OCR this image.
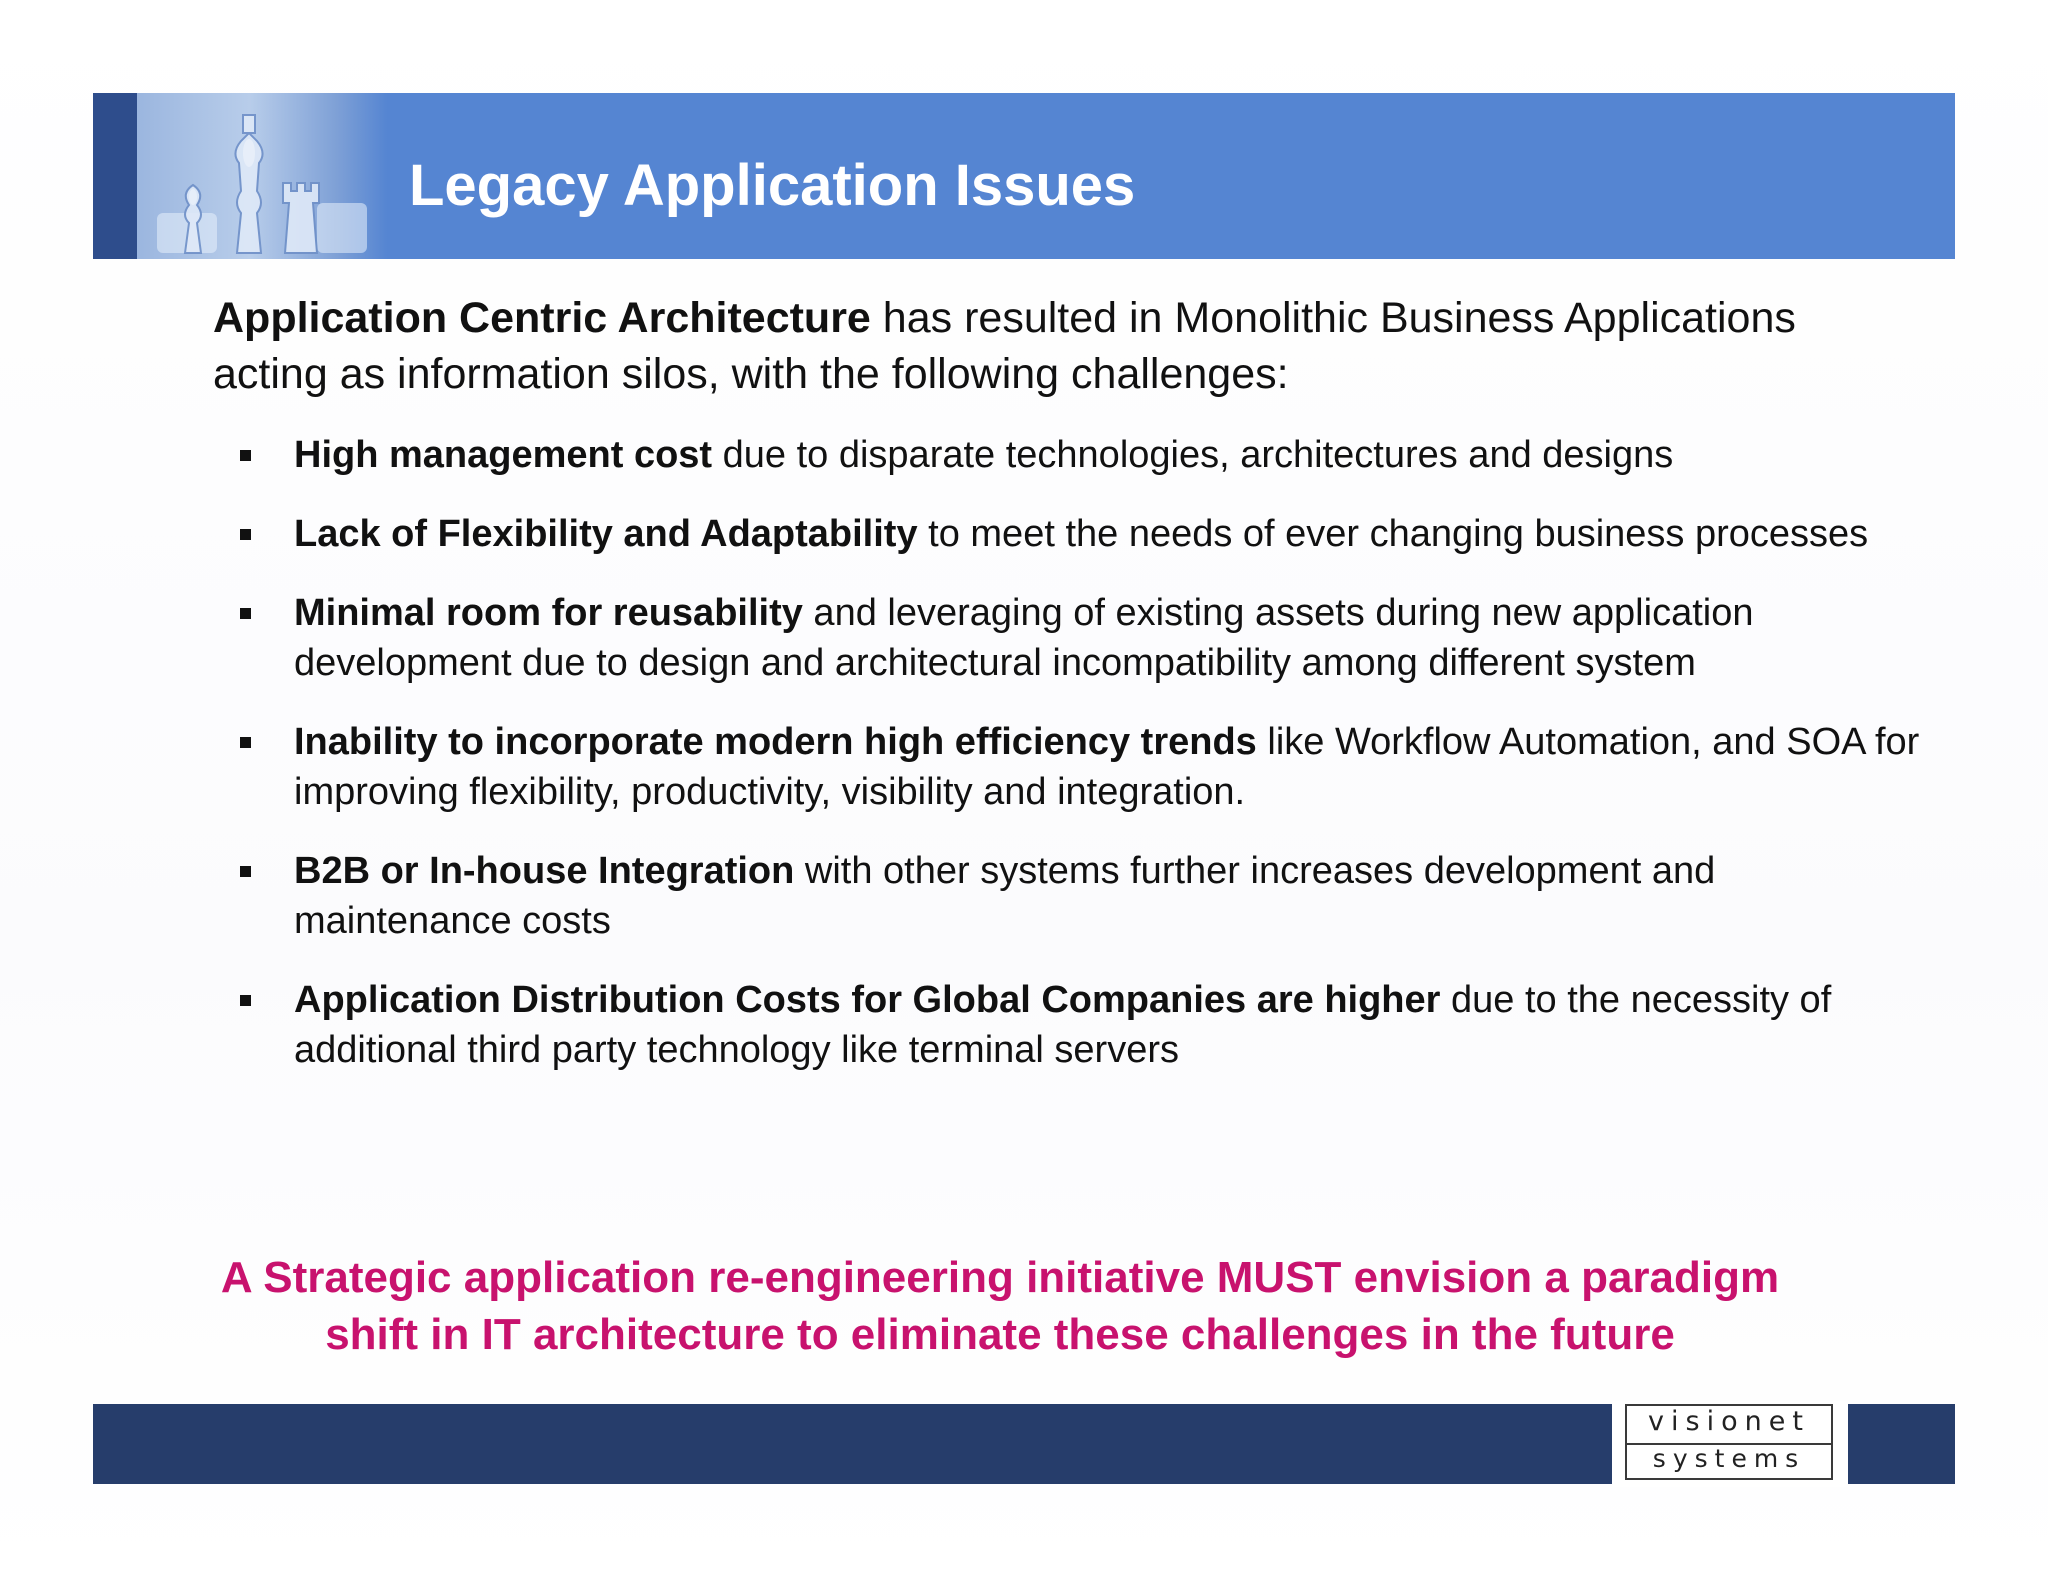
Legacy Application Issues
Application Centric Architecture has resulted in Monolithic Business Applications acting as information silos, with the following challenges:
High management cost due to disparate technologies, architectures and designs
Lack of Flexibility and Adaptability to meet the needs of ever changing business processes
Minimal room for reusability and leveraging of existing assets during new application development due to design and architectural incompatibility among different system
Inability to incorporate modern high efficiency trends like Workflow Automation, and SOA for improving flexibility, productivity, visibility and integration.
B2B or In-house Integration with other systems further increases development and maintenance costs
Application Distribution Costs for Global Companies are higher due to the necessity of additional third party technology like terminal servers
A Strategic application re-engineering initiative MUST envision a paradigm
shift in IT architecture to eliminate these challenges in the future
visionet
systems
